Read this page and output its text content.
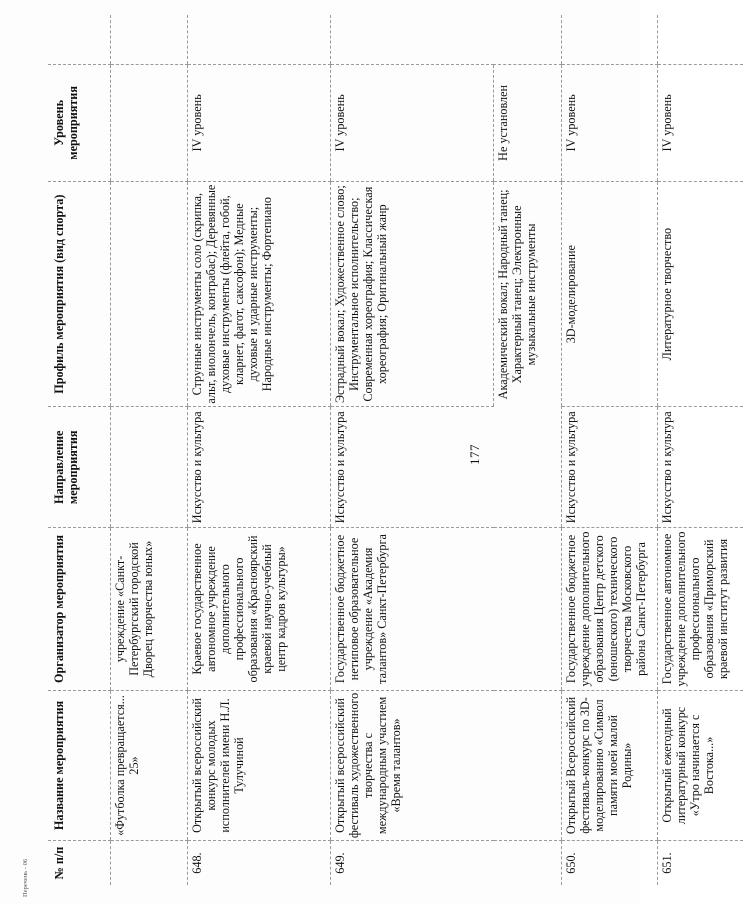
177
Перечень - 06 № п/п	Название мероприятия	Организатор мероприятия	Направление мероприятия	Профиль мероприятия (вид спорта)	Уровень мероприятия	
	«Футболка превращается... 25»	учреждение «Санкт-Петербургский городской Дворец творчества юных»				
648.	Открытый всероссийский конкурс молодых исполнителей имени Н.Л. Тулучиной	Краевое государственное автономное учреждение дополнительного профессионального образования «Красноярский краевой научно-учебный центр кадров культуры»	Искусство и культура	Струнные инструменты соло (скрипка, альт, виолончель, контрабас); Деревянные духовые инструменты (флейта, гобой, кларнет, фагот, саксофон); Медные духовые и ударные инструменты; Народные инструменты; Фортепиано	IV уровень	
649.	Открытый всероссийский фестиваль художественного творчества с международным участием «Время талантов»	Государственное бюджетное нетиповое образовательное учреждение «Академия талантов» Санкт-Петербурга	Искусство и культура	Эстрадный вокал; Художественное слово; Инструментальное исполнительство; Современная хореография; Классическая хореография; Оригинальный жанр	IV уровень	
				Академический вокал; Народный танец; Характерный танец; Электронные музыкальные инструменты	Не установлен	
650.	Открытый Всероссийский фестиваль-конкурс по 3D-моделированию «Символ памяти моей малой Родины»	Государственное бюджетное учреждение дополнительного образования Центр детского (юношеского) технического творчества Московского района Санкт-Петербурга	Искусство и культура	3D-моделирование	IV уровень	
651.	Открытый ежегодный литературный конкурс «Утро начинается с Востока...»	Государственное автономное учреждение дополнительного профессионального образования «Приморский краевой институт развития	Искусство и культура	Литературное творчество	IV уровень	
